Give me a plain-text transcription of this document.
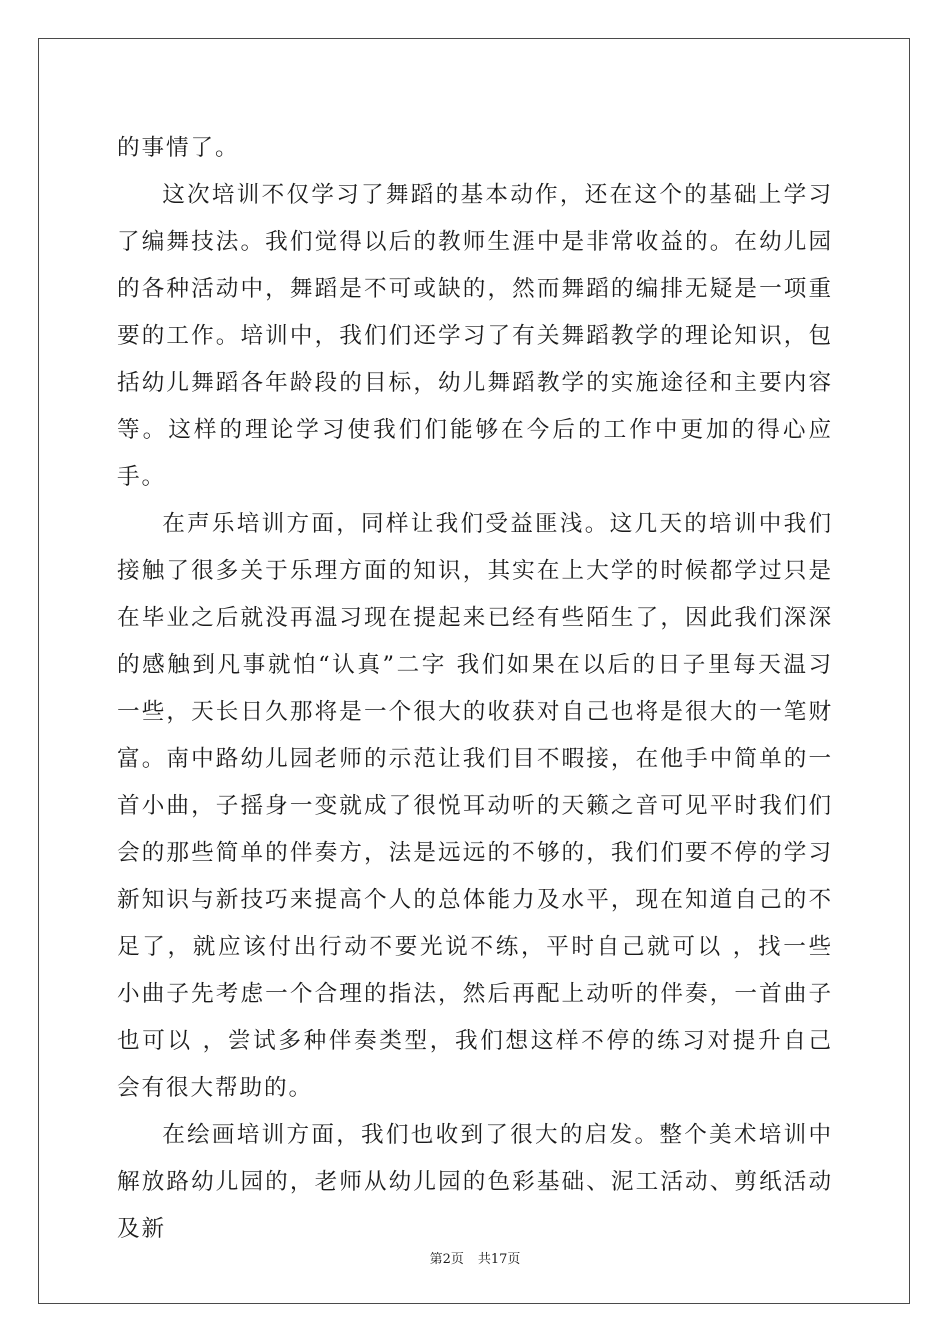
的事情了。

这次培训不仅学习了舞蹈的基本动作，还在这个的基础上学习了编舞技法。我们觉得以后的教师生涯中是非常收益的。在幼儿园的各种活动中，舞蹈是不可或缺的，然而舞蹈的编排无疑是一项重要的工作。培训中，我们们还学习了有关舞蹈教学的理论知识，包括幼儿舞蹈各年龄段的目标，幼儿舞蹈教学的实施途径和主要内容等。这样的理论学习使我们们能够在今后的工作中更加的得心应手。

在声乐培训方面，同样让我们受益匪浅。这几天的培训中我们接触了很多关于乐理方面的知识，其实在上大学的时候都学过只是在毕业之后就没再温习现在提起来已经有些陌生了，因此我们深深的感触到凡事就怕“认真”二字 我们如果在以后的日子里每天温习一些，天长日久那将是一个很大的收获对自己也将是很大的一笔财富。南中路幼儿园老师的示范让我们目不暇接，在他手中简单的一首小曲，子摇身一变就成了很悦耳动听的天籁之音可见平时我们们会的那些简单的伴奏方，法是远远的不够的，我们们要不停的学习新知识与新技巧来提高个人的总体能力及水平，现在知道自己的不足了，就应该付出行动不要光说不练，平时自己就可以 ，找一些小曲子先考虑一个合理的指法，然后再配上动听的伴奏，一首曲子也可以 ，尝试多种伴奏类型，我们想这样不停的练习对提升自己会有很大帮助的。

在绘画培训方面，我们也收到了很大的启发。整个美术培训中解放路幼儿园的，老师从幼儿园的色彩基础、泥工活动、剪纸活动及新

第2页 共17页
